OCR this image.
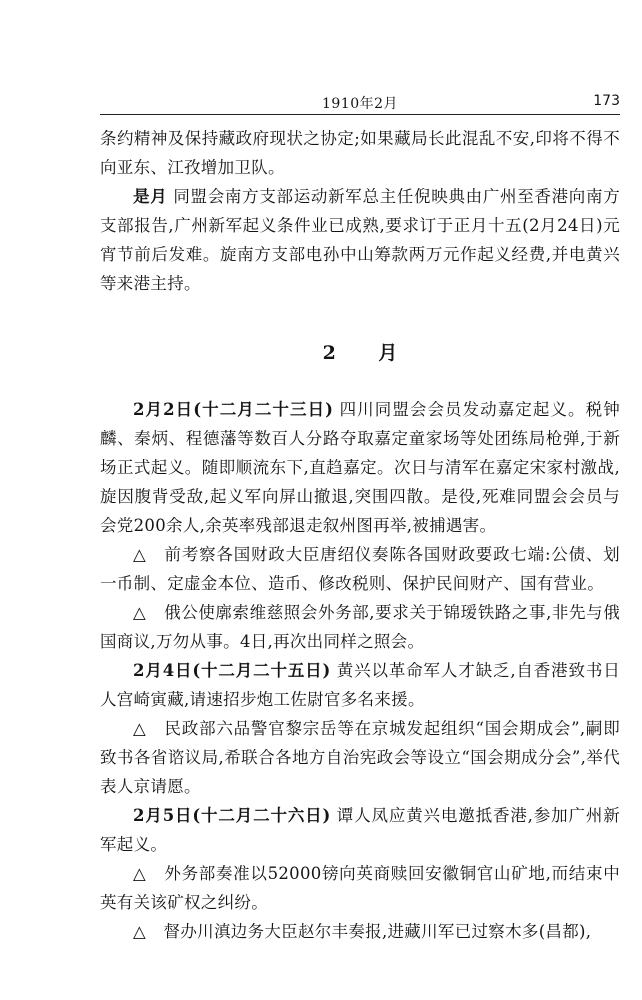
1910年2月	173

条约精神及保持藏政府现状之协定;如果藏局长此混乱不安,印将不得不向亚东、江孜增加卫队。

是月 同盟会南方支部运动新军总主任倪映典由广州至香港向南方支部报告,广州新军起义条件业已成熟,要求订于正月十五(2月24日)元宵节前后发难。旋南方支部电孙中山筹款两万元作起义经费,并电黄兴等来港主持。

2 月

2月2日(十二月二十三日) 四川同盟会会员发动嘉定起义。税钟麟、秦炳、程德藩等数百人分路夺取嘉定童家场等处团练局枪弹,于新场正式起义。随即顺流东下,直趋嘉定。次日与清军在嘉定宋家村激战,旋因腹背受敌,起义军向屏山撤退,突围四散。是役,死难同盟会会员与会党200余人,余英率残部退走叙州图再举,被捕遇害。

△ 前考察各国财政大臣唐绍仪奏陈各国财政要政七端:公债、划一币制、定虚金本位、造币、修改税则、保护民间财产、国有营业。

△ 俄公使廓索维慈照会外务部,要求关于锦瑷铁路之事,非先与俄国商议,万勿从事。4日,再次出同样之照会。

2月4日(十二月二十五日) 黄兴以革命军人才缺乏,自香港致书日人宫崎寅藏,请速招步炮工佐尉官多名来援。

△ 民政部六品警官黎宗岳等在京城发起组织“国会期成会”,嗣即致书各省谘议局,希联合各地方自治宪政会等设立“国会期成分会”,举代表人京请愿。

2月5日(十二月二十六日) 谭人凤应黄兴电邀抵香港,参加广州新军起义。

△ 外务部奏准以52000镑向英商赎回安徽铜官山矿地,而结束中英有关该矿权之纠纷。

△ 督办川滇边务大臣赵尔丰奏报,进藏川军已过察木多(昌都),
